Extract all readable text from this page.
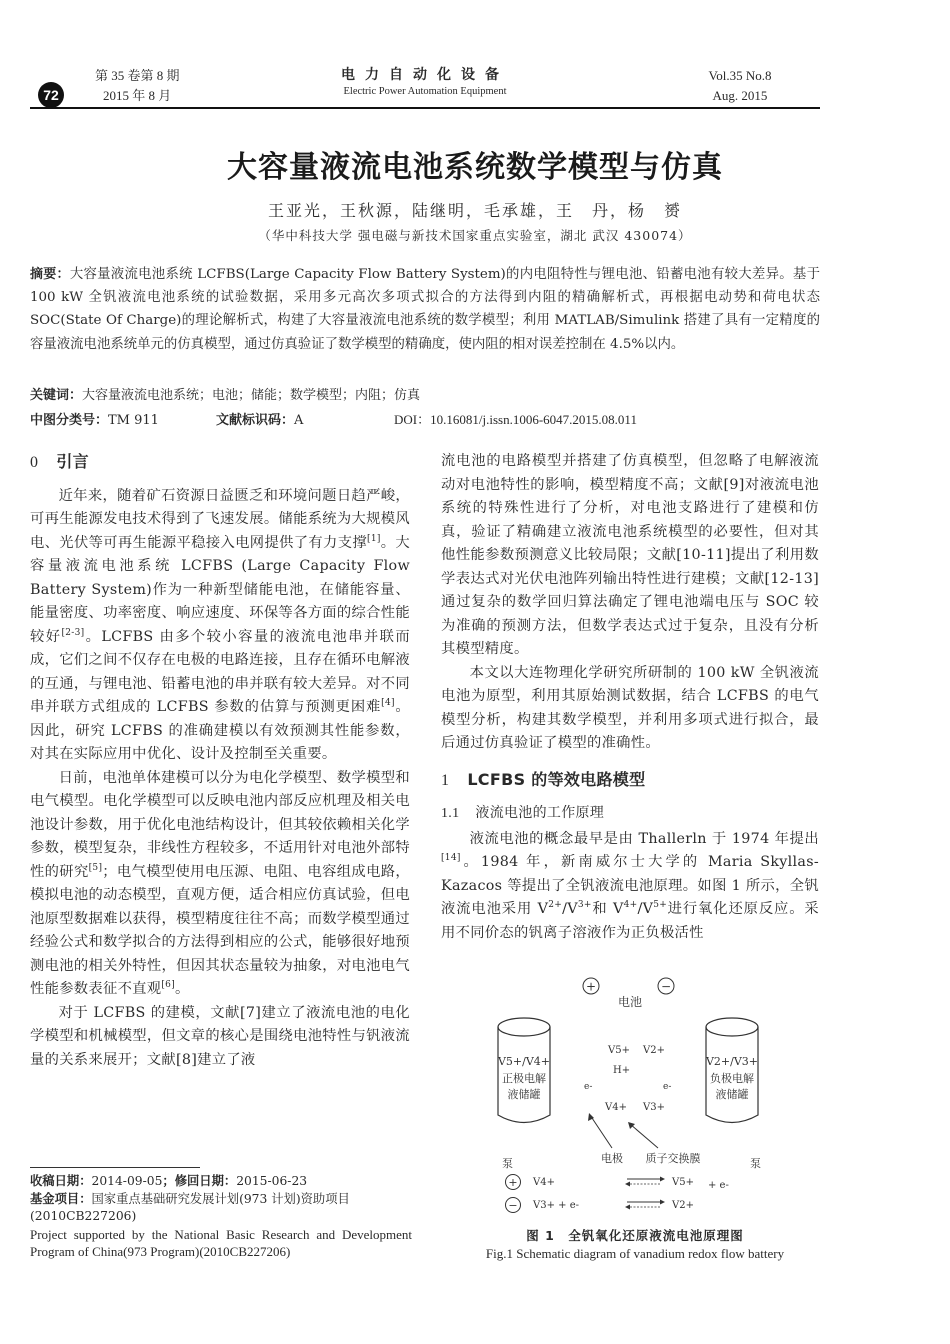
72
第 35 卷第 8 期
2015 年 8 月
电力自动化设备
Electric Power Automation Equipment
Vol.35 No.8
Aug. 2015
大容量液流电池系统数学模型与仿真
王亚光，王秋源，陆继明，毛承雄，王　丹，杨　赟
（华中科技大学 强电磁与新技术国家重点实验室，湖北 武汉 430074）
摘要：大容量液流电池系统 LCFBS(Large Capacity Flow Battery System)的内电阻特性与锂电池、铅蓄电池有较大差异。基于 100 kW 全钒液流电池系统的试验数据，采用多元高次多项式拟合的方法得到内阻的精确解析式，再根据电动势和荷电状态 SOC(State Of Charge)的理论解析式，构建了大容量液流电池系统的数学模型；利用 MATLAB/Simulink 搭建了具有一定精度的容量液流电池系统单元的仿真模型，通过仿真验证了数学模型的精确度，使内阻的相对误差控制在 4.5%以内。
关键词：大容量液流电池系统；电池；储能；数学模型；内阻；仿真
中图分类号：TM 911	文献标识码：A	DOI：10.16081/j.issn.1006-6047.2015.08.011
0 引言

近年来，随着矿石资源日益匮乏和环境问题日趋严峻，可再生能源发电技术得到了飞速发展。储能系统为大规模风电、光伏等可再生能源平稳接入电网提供了有力支撑[1]。大容量液流电池系统 LCFBS (Large Capacity Flow Battery System)作为一种新型储能电池，在储能容量、能量密度、功率密度、响应速度、环保等各方面的综合性能较好[2-3]。LCFBS 由多个较小容量的液流电池串并联而成，它们之间不仅存在电极的电路连接，且存在循环电解液的互通，与锂电池、铅蓄电池的串并联有较大差异。对不同串并联方式组成的 LCFBS 参数的估算与预测更困难[4]。因此，研究 LCFBS 的准确建模以有效预测其性能参数，对其在实际应用中优化、设计及控制至关重要。

日前，电池单体建模可以分为电化学模型、数学模型和电气模型。电化学模型可以反映电池内部反应机理及相关电池设计参数，用于优化电池结构设计，但其较依赖相关化学参数，模型复杂，非线性方程较多，不适用针对电池外部特性的研究[5]；电气模型使用电压源、电阻、电容组成电路，模拟电池的动态模型，直观方便，适合相应仿真试验，但电池原型数据难以获得，模型精度往往不高；而数学模型通过经验公式和数学拟合的方法得到相应的公式，能够很好地预测电池的相关外特性，但因其状态量较为抽象，对电池电气性能参数表征不直观[6]。

对于 LCFBS 的建模，文献[7]建立了液流电池的电化学模型和机械模型，但文章的核心是围绕电池特性与钒液流量的关系来展开；文献[8]建立了液

收稿日期：2014-09-05；修回日期：2015-06-23
基金项目：国家重点基础研究发展计划(973 计划)资助项目(2010CB227206)
Project supported by the National Basic Research and Development Program of China(973 Program)(2010CB227206)

流电池的电路模型并搭建了仿真模型，但忽略了电解液流动对电池特性的影响，模型精度不高；文献[9]对液流电池系统的特殊性进行了分析，对电池支路进行了建模和仿真，验证了精确建立液流电池系统模型的必要性，但对其他性能参数预测意义比较局限；文献[10-11]提出了利用数学表达式对光伏电池阵列输出特性进行建模；文献[12-13]通过复杂的数学回归算法确定了锂电池端电压与 SOC 较为准确的预测方法，但数学表达式过于复杂，且没有分析其模型精度。

本文以大连物理化学研究所研制的 100 kW 全钒液流电池为原型，利用其原始测试数据，结合 LCFBS 的电气模型分析，构建其数学模型，并利用多项式进行拟合，最后通过仿真验证了模型的准确性。

1 LCFBS 的等效电路模型
1.1 液流电池的工作原理

液流电池的概念最早是由 Thallerln 于 1974 年提出[14]。1984 年，新南威尔士大学的 Maria Skyllas-Kazacos 等提出了全钒液流电池原理。如图 1 所示，全钒液流电池采用 $V^{2+}/V^{3+}$和 $V^{4+}/V^{5+}$进行氧化还原反应。采用不同价态的钒离子溶液作为正负极活性

+	−
电池
V5+/V4+
正极电解
液储罐
V2+/V3+
负极电解
液储罐
V5+ V2+
H+
e-	e-
V4+ V3+
电极 质子交换膜
泵	泵
+ V4+	V5+ + e-
− V3+ + e-	V2+
图 1　全钒氧化还原液流电池原理图
Fig.1 Schematic diagram of vanadium redox flow battery
